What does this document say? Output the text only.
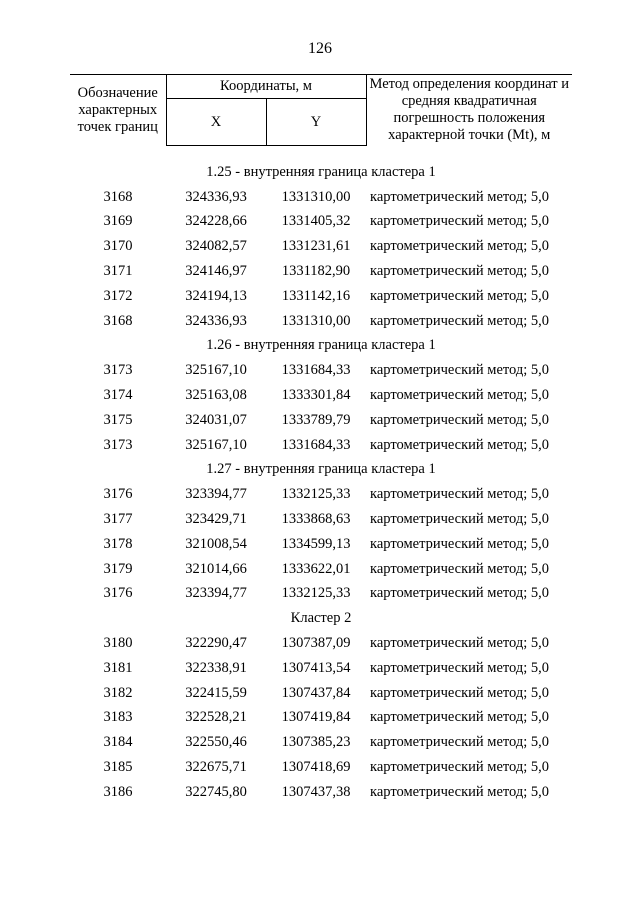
126
Обозначение характерных точек границ	Координаты, м		Метод определения координат и средняя квадратичная погрешность положения характерной точки (Mt), м
	X	Y	
1.25 - внутренняя граница кластера 1			
3168	324336,93	1331310,00	картометрический метод; 5,0
3169	324228,66	1331405,32	картометрический метод; 5,0
3170	324082,57	1331231,61	картометрический метод; 5,0
3171	324146,97	1331182,90	картометрический метод; 5,0
3172	324194,13	1331142,16	картометрический метод; 5,0
3168	324336,93	1331310,00	картометрический метод; 5,0
1.26 - внутренняя граница кластера 1			
3173	325167,10	1331684,33	картометрический метод; 5,0
3174	325163,08	1333301,84	картометрический метод; 5,0
3175	324031,07	1333789,79	картометрический метод; 5,0
3173	325167,10	1331684,33	картометрический метод; 5,0
1.27 - внутренняя граница кластера 1			
3176	323394,77	1332125,33	картометрический метод; 5,0
3177	323429,71	1333868,63	картометрический метод; 5,0
3178	321008,54	1334599,13	картометрический метод; 5,0
3179	321014,66	1333622,01	картометрический метод; 5,0
3176	323394,77	1332125,33	картометрический метод; 5,0
Кластер 2			
3180	322290,47	1307387,09	картометрический метод; 5,0
3181	322338,91	1307413,54	картометрический метод; 5,0
3182	322415,59	1307437,84	картометрический метод; 5,0
3183	322528,21	1307419,84	картометрический метод; 5,0
3184	322550,46	1307385,23	картометрический метод; 5,0
3185	322675,71	1307418,69	картометрический метод; 5,0
3186	322745,80	1307437,38	картометрический метод; 5,0
